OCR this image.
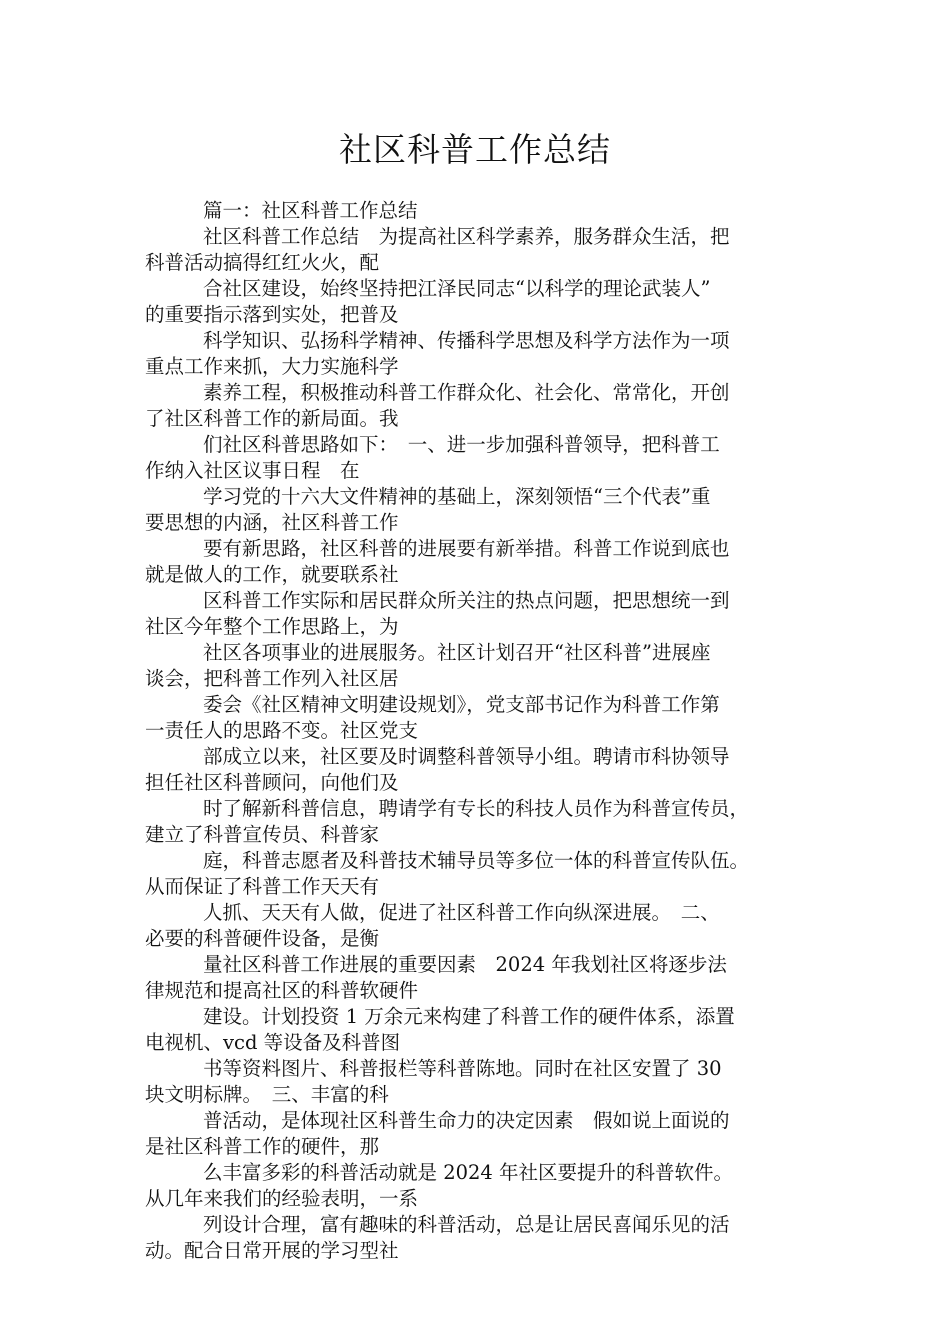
社区科普工作总结

篇一：社区科普工作总结

社区科普工作总结　为提高社区科学素养，服务群众生活，把
科普活动搞得红红火火，配

合社区建设，始终坚持把江泽民同志“以科学的理论武装人”
的重要指示落到实处，把普及

科学知识、弘扬科学精神、传播科学思想及科学方法作为一项
重点工作来抓，大力实施科学

素养工程，积极推动科普工作群众化、社会化、常常化，开创
了社区科普工作的新局面。我

们社区科普思路如下：　一、进一步加强科普领导，把科普工
作纳入社区议事日程　在

学习党的十六大文件精神的基础上，深刻领悟“三个代表”重
要思想的内涵，社区科普工作

要有新思路，社区科普的进展要有新举措。科普工作说到底也
就是做人的工作，就要联系社

区科普工作实际和居民群众所关注的热点问题，把思想统一到
社区今年整个工作思路上，为

社区各项事业的进展服务。社区计划召开“社区科普”进展座
谈会，把科普工作列入社区居

委会《社区精神文明建设规划》，党支部书记作为科普工作第
一责任人的思路不变。社区党支

部成立以来，社区要及时调整科普领导小组。聘请市科协领导
担任社区科普顾问，向他们及

时了解新科普信息，聘请学有专长的科技人员作为科普宣传员，
建立了科普宣传员、科普家

庭，科普志愿者及科普技术辅导员等多位一体的科普宣传队伍。
从而保证了科普工作天天有

人抓、天天有人做，促进了社区科普工作向纵深进展。　二、
必要的科普硬件设备，是衡

量社区科普工作进展的重要因素　2024 年我划社区将逐步法
律规范和提高社区的科普软硬件

建设。计划投资 1 万余元来构建了科普工作的硬件体系，添置
电视机、vcd 等设备及科普图

书等资料图片、科普报栏等科普陈地。同时在社区安置了 30
块文明标牌。　三、丰富的科

普活动，是体现社区科普生命力的决定因素　假如说上面说的
是社区科普工作的硬件，那

么丰富多彩的科普活动就是 2024 年社区要提升的科普软件。
从几年来我们的经验表明，一系

列设计合理，富有趣味的科普活动，总是让居民喜闻乐见的活
动。配合日常开展的学习型社
